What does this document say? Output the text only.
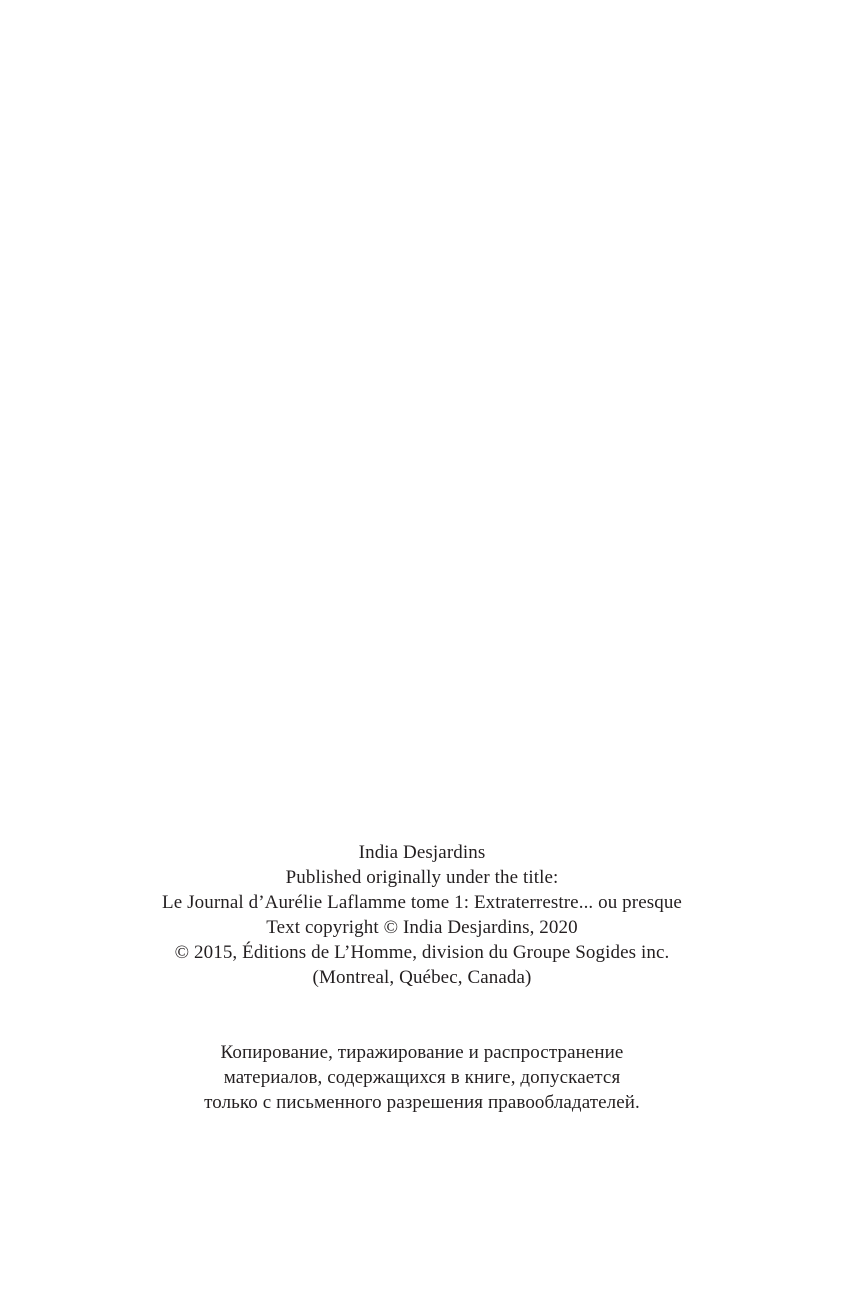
India Desjardins
Published originally under the title:
Le Journal d’Aurélie Laflamme tome 1: Extraterrestre... ou presque
Text copyright © India Desjardins, 2020
© 2015, Éditions de L’Homme, division du Groupe Sogides inc.
(Montreal, Québec, Canada)
Копирование, тиражирование и распространение
материалов, содержащихся в книге, допускается
только с письменного разрешения правообладателей.
